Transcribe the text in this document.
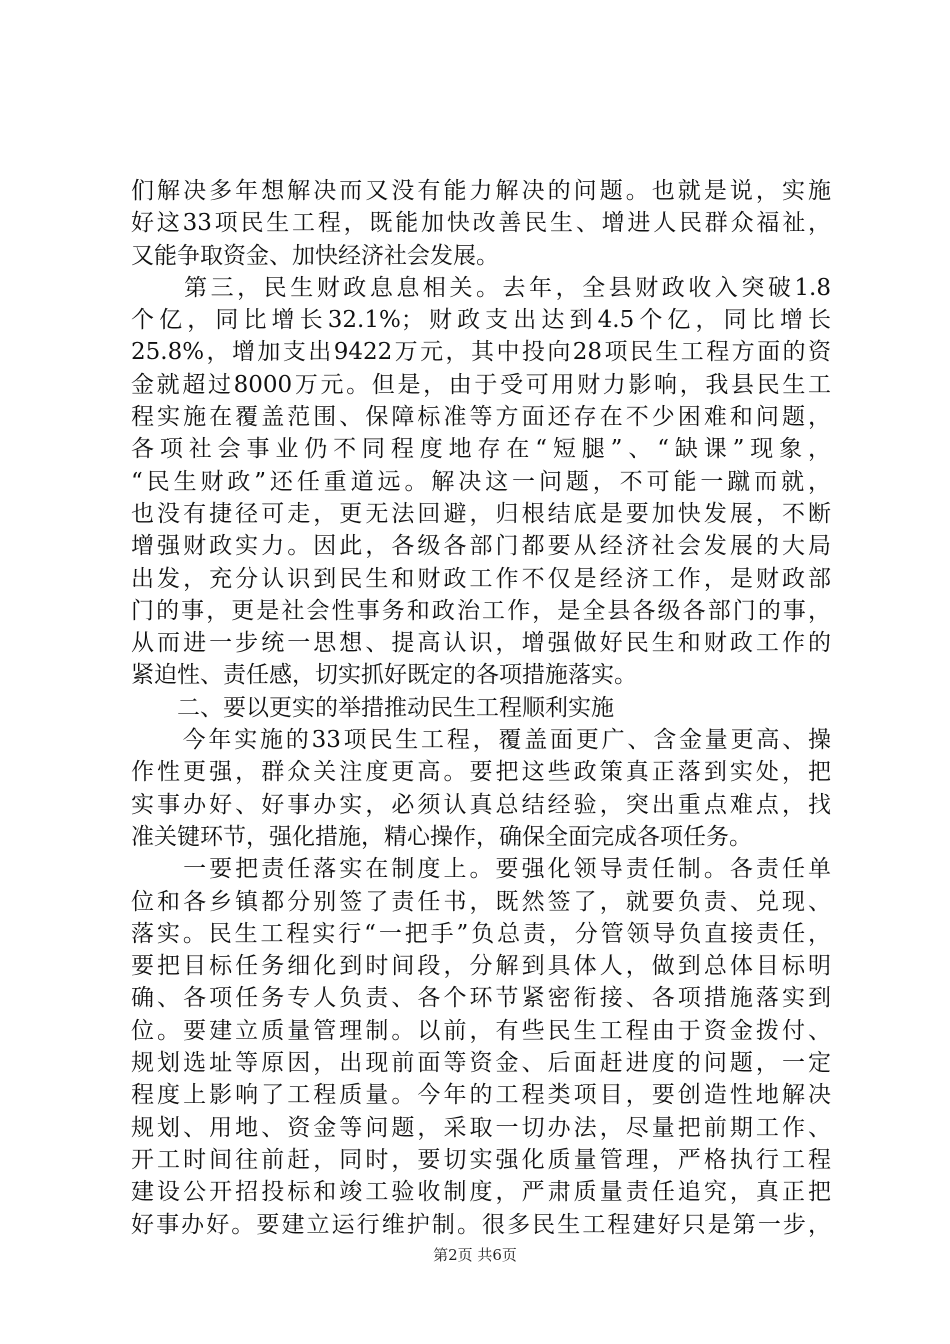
们解决多年想解决而又没有能力解决的问题。也就是说，实施
好这33项民生工程，既能加快改善民生、增进人民群众福祉，
又能争取资金、加快经济社会发展。
　　第三，民生财政息息相关。去年，全县财政收入突破1.8
个亿，同比增长32.1%；财政支出达到4.5个亿，同比增长
25.8%，增加支出9422万元，其中投向28项民生工程方面的资
金就超过8000万元。但是，由于受可用财力影响，我县民生工
程实施在覆盖范围、保障标准等方面还存在不少困难和问题，
各项社会事业仍不同程度地存在“短腿”、“缺课”现象，
“民生财政”还任重道远。解决这一问题，不可能一蹴而就，
也没有捷径可走，更无法回避，归根结底是要加快发展，不断
增强财政实力。因此，各级各部门都要从经济社会发展的大局
出发，充分认识到民生和财政工作不仅是经济工作，是财政部
门的事，更是社会性事务和政治工作，是全县各级各部门的事，
从而进一步统一思想、提高认识，增强做好民生和财政工作的
紧迫性、责任感，切实抓好既定的各项措施落实。
　　二、要以更实的举措推动民生工程顺利实施
　　今年实施的33项民生工程，覆盖面更广、含金量更高、操
作性更强，群众关注度更高。要把这些政策真正落到实处，把
实事办好、好事办实，必须认真总结经验，突出重点难点，找
准关键环节，强化措施，精心操作，确保全面完成各项任务。
　　一要把责任落实在制度上。要强化领导责任制。各责任单
位和各乡镇都分别签了责任书，既然签了，就要负责、兑现、
落实。民生工程实行“一把手”负总责，分管领导负直接责任，
要把目标任务细化到时间段，分解到具体人，做到总体目标明
确、各项任务专人负责、各个环节紧密衔接、各项措施落实到
位。要建立质量管理制。以前，有些民生工程由于资金拨付、
规划选址等原因，出现前面等资金、后面赶进度的问题，一定
程度上影响了工程质量。今年的工程类项目，要创造性地解决
规划、用地、资金等问题，采取一切办法，尽量把前期工作、
开工时间往前赶，同时，要切实强化质量管理，严格执行工程
建设公开招投标和竣工验收制度，严肃质量责任追究，真正把
好事办好。要建立运行维护制。很多民生工程建好只是第一步，
第2页 共6页
